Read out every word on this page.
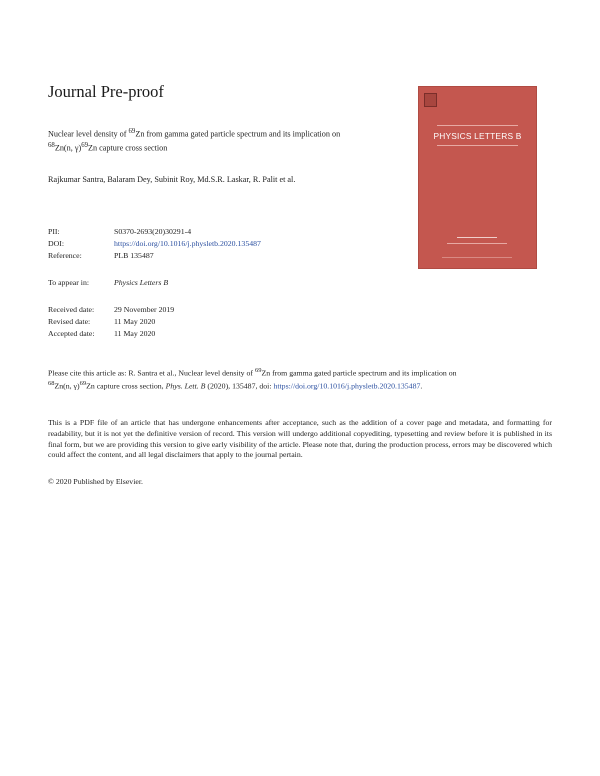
Journal Pre-proof
Nuclear level density of $^{69}$Zn from gamma gated particle spectrum and its implication on
$^{68}$Zn(n, γ)$^{69}$Zn capture cross section
Rajkumar Santra, Balaram Dey, Subinit Roy, Md.S.R. Laskar, R. Palit et al.
PII:	S0370-2693(20)30291-4
DOI:	https://doi.org/10.1016/j.physletb.2020.135487
Reference:	PLB 135487
To appear in:	Physics Letters B
Received date:	29 November 2019
Revised date:	11 May 2020
Accepted date: 11 May 2020
PHYSICS LETTERS B
Please cite this article as: R. Santra et al., Nuclear level density of $^{69}$Zn from gamma gated particle spectrum and its implication on
$^{68}$Zn(n, γ)$^{69}$Zn capture cross section, Phys. Lett. B (2020), 135487, doi: https://doi.org/10.1016/j.physletb.2020.135487.
This is a PDF file of an article that has undergone enhancements after acceptance, such as the addition of a cover page and metadata, and formatting for readability, but it is not yet the definitive version of record. This version will undergo additional copyediting, typesetting and review before it is published in its final form, but we are providing this version to give early visibility of the article. Please note that, during the production process, errors may be discovered which could affect the content, and all legal disclaimers that apply to the journal pertain.
© 2020 Published by Elsevier.
